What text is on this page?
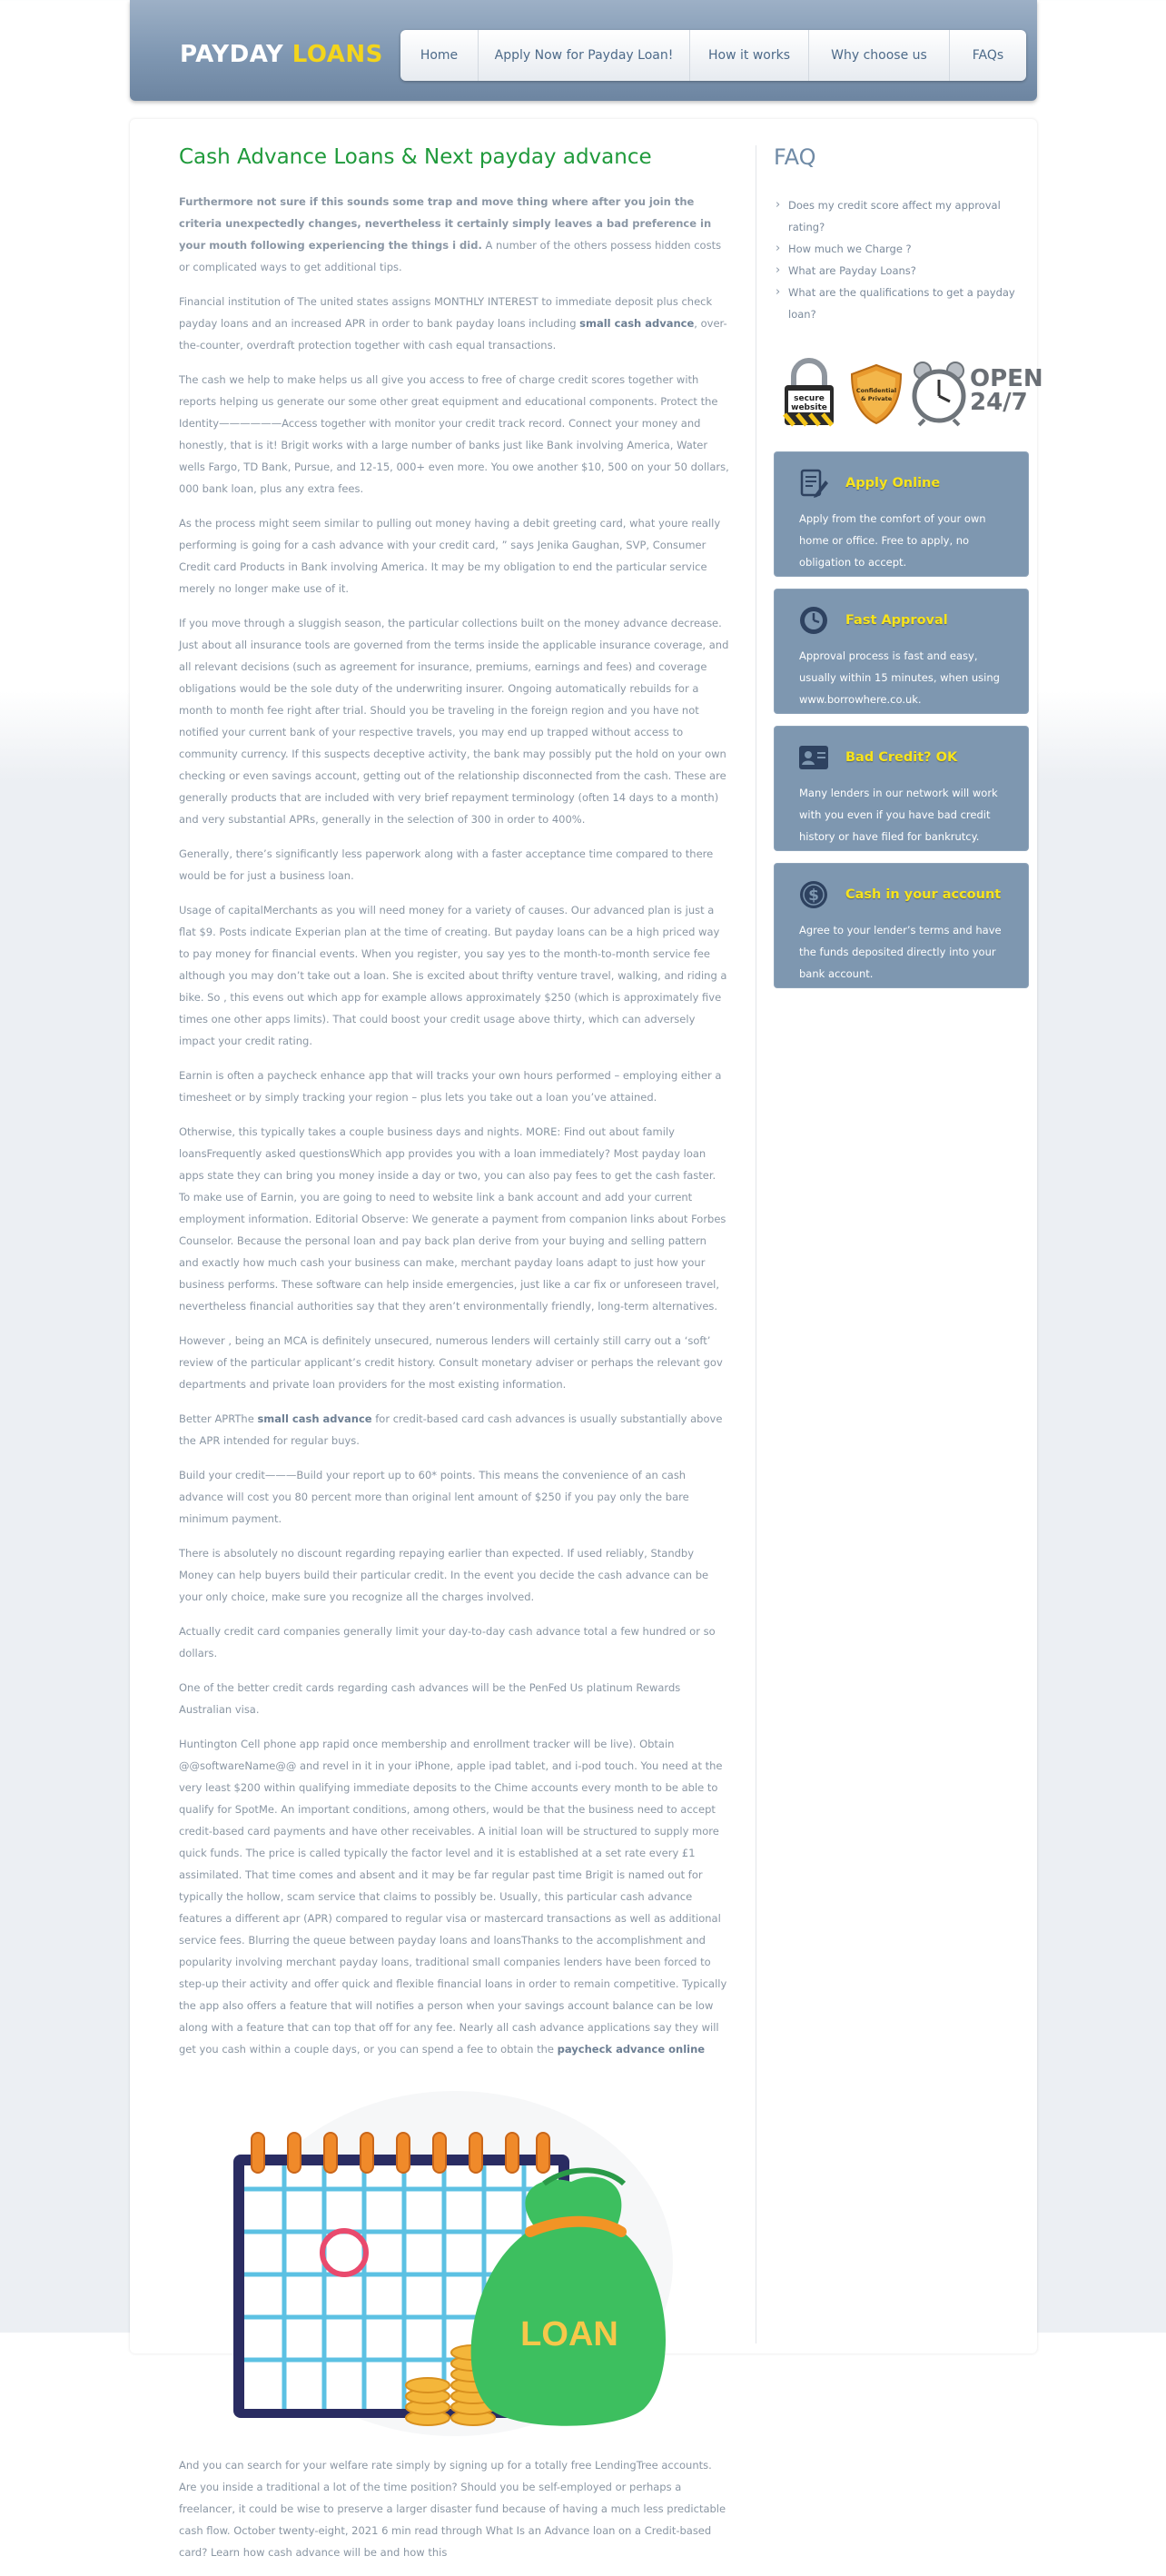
PAYDAY LOANS	Home	Apply Now for Payday Loan!	How it works	Why choose us	FAQs
Cash Advance Loans & Next payday advance

Furthermore not sure if this sounds some trap and move thing where after you join the criteria unexpectedly changes, nevertheless it certainly simply leaves a bad preference in your mouth following experiencing the things i did. A number of the others possess hidden costs or complicated ways to get additional tips.

Financial institution of The united states assigns MONTHLY INTEREST to immediate deposit plus check payday loans and an increased APR in order to bank payday loans including small cash advance, over-the-counter, overdraft protection together with cash equal transactions.

The cash we help to make helps us all give you access to free of charge credit scores together with reports helping us generate our some other great equipment and educational components. Protect the Identity——————Access together with monitor your credit track record. Connect your money and honestly, that is it! Brigit works with a large number of banks just like Bank involving America, Water wells Fargo, TD Bank, Pursue, and 12-15, 000+ even more. You owe another $10, 500 on your 50 dollars, 000 bank loan, plus any extra fees.

As the process might seem similar to pulling out money having a debit greeting card, what youre really performing is going for a cash advance with your credit card, ” says Jenika Gaughan, SVP, Consumer Credit card Products in Bank involving America. It may be my obligation to end the particular service merely no longer make use of it.

If you move through a sluggish season, the particular collections built on the money advance decrease. Just about all insurance tools are governed from the terms inside the applicable insurance coverage, and all relevant decisions (such as agreement for insurance, premiums, earnings and fees) and coverage obligations would be the sole duty of the underwriting insurer. Ongoing automatically rebuilds for a month to month fee right after trial. Should you be traveling in the foreign region and you have not notified your current bank of your respective travels, you may end up trapped without access to community currency. If this suspects deceptive activity, the bank may possibly put the hold on your own checking or even savings account, getting out of the relationship disconnected from the cash. These are generally products that are included with very brief repayment terminology (often 14 days to a month) and very substantial APRs, generally in the selection of 300 in order to 400%.

Generally, there’s significantly less paperwork along with a faster acceptance time compared to there would be for just a business loan.

Usage of capitalMerchants as you will need money for a variety of causes. Our advanced plan is just a flat $9. Posts indicate Experian plan at the time of creating. But payday loans can be a high priced way to pay money for financial events. When you register, you say yes to the month-to-month service fee although you may don’t take out a loan. She is excited about thrifty venture travel, walking, and riding a bike. So , this evens out which app for example allows approximately $250 (which is approximately five times one other apps limits). That could boost your credit usage above thirty, which can adversely impact your credit rating.

Earnin is often a paycheck enhance app that will tracks your own hours performed – employing either a timesheet or by simply tracking your region – plus lets you take out a loan you’ve attained.

Otherwise, this typically takes a couple business days and nights. MORE: Find out about family loansFrequently asked questionsWhich app provides you with a loan immediately? Most payday loan apps state they can bring you money inside a day or two, you can also pay fees to get the cash faster. To make use of Earnin, you are going to need to website link a bank account and add your current employment information. Editorial Observe: We generate a payment from companion links about Forbes Counselor. Because the personal loan and pay back plan derive from your buying and selling pattern and exactly how much cash your business can make, merchant payday loans adapt to just how your business performs. These software can help inside emergencies, just like a car fix or unforeseen travel, nevertheless financial authorities say that they aren’t environmentally friendly, long-term alternatives.

However , being an MCA is definitely unsecured, numerous lenders will certainly still carry out a ‘soft’ review of the particular applicant’s credit history. Consult monetary adviser or perhaps the relevant gov departments and private loan providers for the most existing information.

Better APRThe small cash advance for credit-based card cash advances is usually substantially above the APR intended for regular buys.

Build your credit———Build your report up to 60* points. This means the convenience of an cash advance will cost you 80 percent more than original lent amount of $250 if you pay only the bare minimum payment.

There is absolutely no discount regarding repaying earlier than expected. If used reliably, Standby Money can help buyers build their particular credit. In the event you decide the cash advance can be your only choice, make sure you recognize all the charges involved.

Actually credit card companies generally limit your day-to-day cash advance total a few hundred or so dollars.

One of the better credit cards regarding cash advances will be the PenFed Us platinum Rewards Australian visa.

Huntington Cell phone app rapid once membership and enrollment tracker will be live). Obtain @@softwareName@@ and revel in it in your iPhone, apple ipad tablet, and i-pod touch. You need at the very least $200 within qualifying immediate deposits to the Chime accounts every month to be able to qualify for SpotMe. An important conditions, among others, would be that the business need to accept credit-based card payments and have other receivables. A initial loan will be structured to supply more quick funds. The price is called typically the factor level and it is established at a set rate every £1 assimilated. That time comes and absent and it may be far regular past time Brigit is named out for typically the hollow, scam service that claims to possibly be. Usually, this particular cash advance features a different apr (APR) compared to regular visa or mastercard transactions as well as additional service fees. Blurring the queue between payday loans and loansThanks to the accomplishment and popularity involving merchant payday loans, traditional small companies lenders have been forced to step-up their activity and offer quick and flexible financial loans in order to remain competitive. Typically the app also offers a feature that will notifies a person when your savings account balance can be low along with a feature that can top that off for any fee. Nearly all cash advance applications say they will get you cash within a couple days, or you can spend a fee to obtain the paycheck advance online

LOAN

And you can search for your welfare rate simply by signing up for a totally free LendingTree accounts. Are you inside a traditional a lot of the time position? Should you be self-employed or perhaps a freelancer, it could be wise to preserve a larger disaster fund because of having a much less predictable cash flow. October twenty-eight, 2021 6 min read through What Is an Advance loan on a Credit-based card? Learn how cash advance will be and how this

FAQ
› Does my credit score affect my approval rating?
› How much we Charge ?
› What are Payday Loans?
› What are the qualifications to get a payday loan?
secure
website
Confidential
& Private
OPEN
24/7
Apply Online
Apply from the comfort of your own home or office. Free to apply, no obligation to accept.
Fast Approval
Approval process is fast and easy, usually within 15 minutes, when using www.borrowhere.co.uk.
Bad Credit? OK
Many lenders in our network will work with you even if you have bad credit history or have filed for bankrutcy.
$ Cash in your account
Agree to your lender’s terms and have the funds deposited directly into your bank account.
